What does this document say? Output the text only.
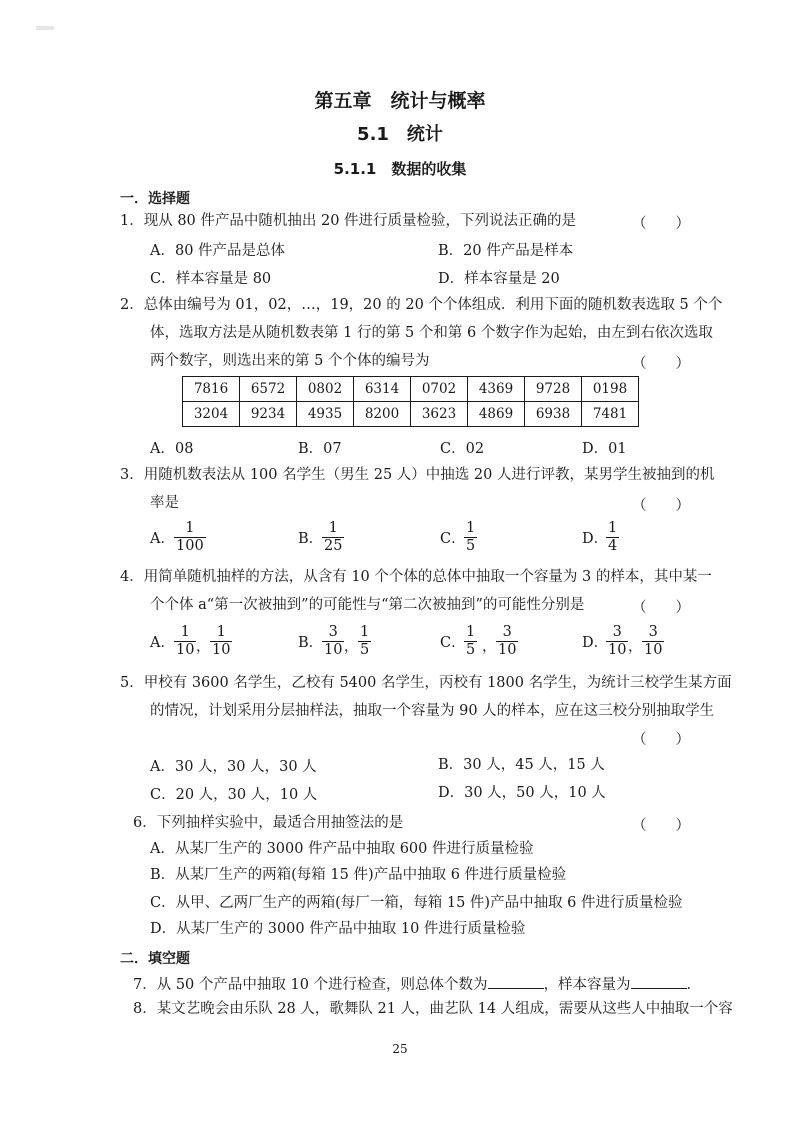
第五章　统计与概率
5.1　统计
5.1.1　数据的收集
一．选择题
1．现从 80 件产品中随机抽出 20 件进行质量检验，下列说法正确的是	（　　）
A．80 件产品是总体	B．20 件产品是样本
C．样本容量是 80	D．样本容量是 20
2．总体由编号为 01，02，…，19，20 的 20 个个体组成．利用下面的随机数表选取 5 个个
体，选取方法是从随机数表第 1 行的第 5 个和第 6 个数字作为起始，由左到右依次选取
两个数字，则选出来的第 5 个个体的编号为	（　　）
7816	6572	0802	6314	0702	4369	9728	0198
3204	9234	4935	8200	3623	4869	6938	7481
A．08	B．07	C．02	D．01
3．用随机数表法从 100 名学生（男生 25 人）中抽选 20 人进行评教，某男学生被抽到的机
率是	（　　）
A． $\frac{1}{100}$	B．
$\frac{1}{25}$	C．
$\frac{1}{5}$	D．
$\frac{1}{4}$
4．用简单随机抽样的方法，从含有 10 个个体的总体中抽取一个容量为 3 的样本，其中某一
个个体 a“第一次被抽到”的可能性与“第二次被抽到”的可能性分别是	（　　）
A． $\frac{1}{10}$ ， $\frac{1}{10}$	B．
$\frac{3}{10}$ ， $\frac{1}{5}$	C．
$\frac{1}{5}$ ， $\frac{3}{10}$	D．
$\frac{3}{10}$ ， $\frac{3}{10}$
5．甲校有 3600 名学生，乙校有 5400 名学生，丙校有 1800 名学生，为统计三校学生某方面
的情况，计划采用分层抽样法，抽取一个容量为 90 人的样本，应在这三校分别抽取学生
（　　）
A．30 人，30 人，30 人	B．30 人，45 人，15 人
C．20 人，30 人，10 人	D．30 人，50 人，10 人
6．下列抽样实验中，最适合用抽签法的是	（　　）
A．从某厂生产的 3000 件产品中抽取 600 件进行质量检验
B．从某厂生产的两箱(每箱 15 件)产品中抽取 6 件进行质量检验
C．从甲、乙两厂生产的两箱(每厂一箱，每箱 15 件)产品中抽取 6 件进行质量检验
D．从某厂生产的 3000 件产品中抽取 10 件进行质量检验
二．填空题
7．从 50 个产品中抽取 10 个进行检查，则总体个数为	，样本容量为	．
8．某文艺晚会由乐队 28 人，歌舞队 21 人，曲艺队 14 人组成，需要从这些人中抽取一个容
25
